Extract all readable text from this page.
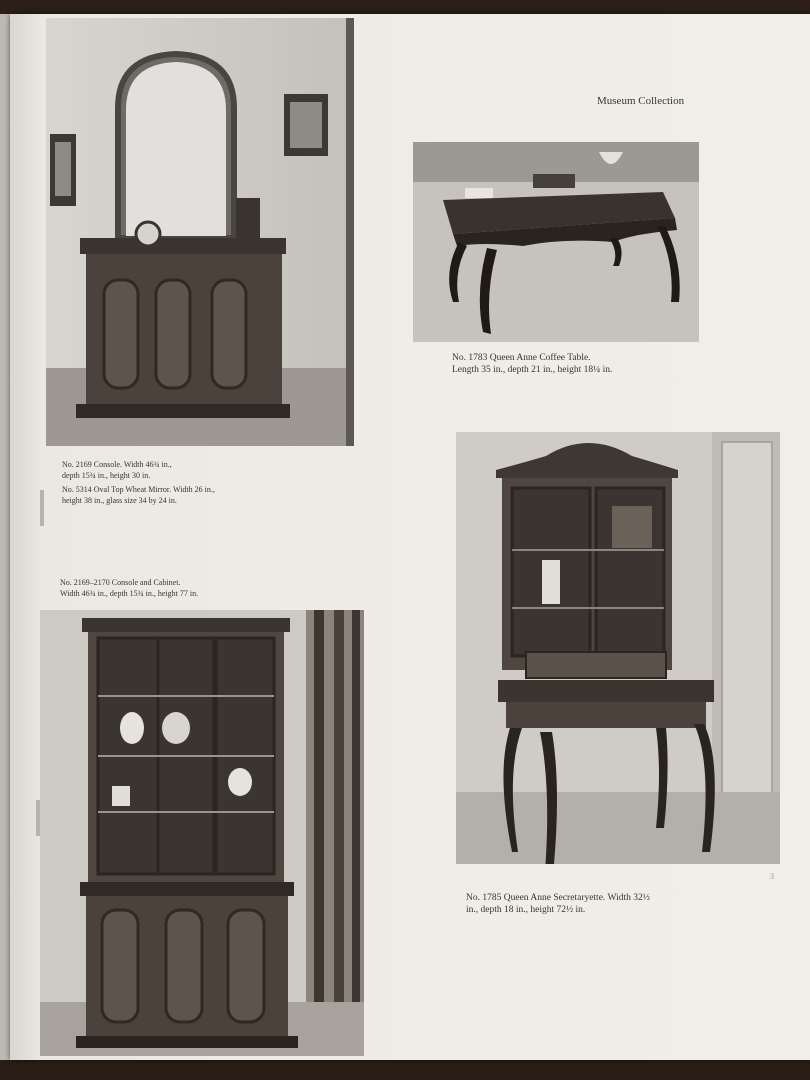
Museum Collection

No. 1783 Queen Anne Coffee Table.

Length 35 in., depth 21 in., height 18¼ in.

No. 2169 Console. Width 46¾ in.,

depth 15¾ in., height 30 in.

No. 5314 Oval Top Wheat Mirror. Width 26 in.,

height 38 in., glass size 34 by 24 in.

No. 2169–2170 Console and Cabinet.

Width 46¾ in., depth 15¾ in., height 77 in.

No. 1785 Queen Anne Secretaryette. Width 32½

in., depth 18 in., height 72½ in.

3
